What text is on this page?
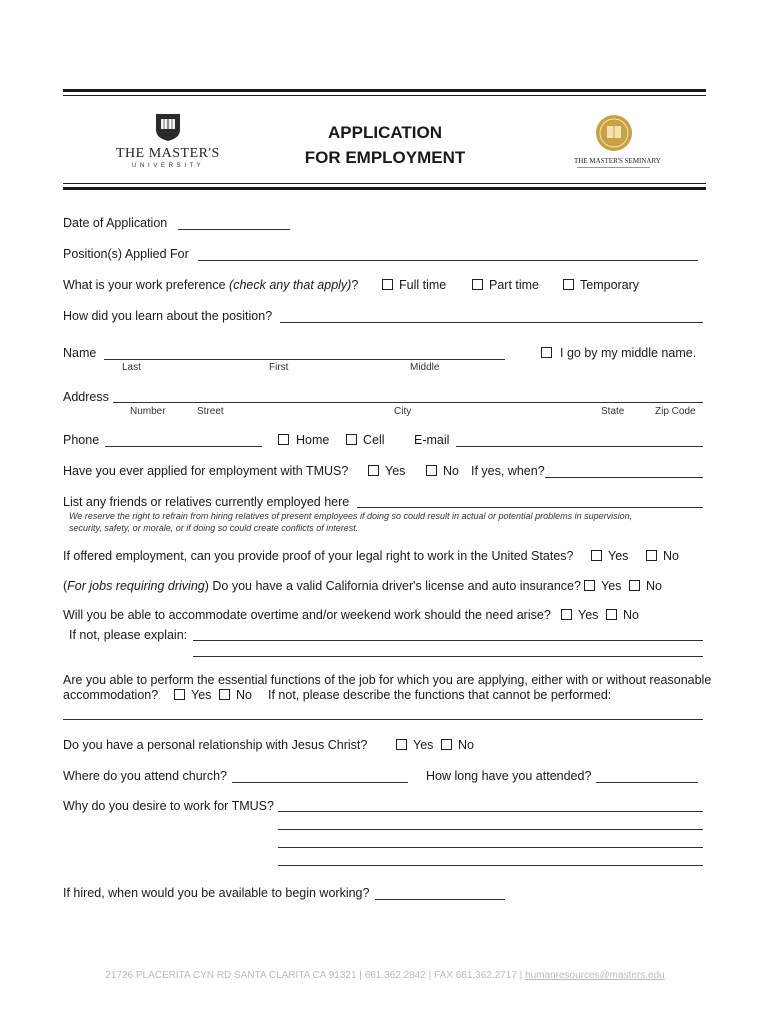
THE MASTER'S
U N I V E R S I T Y
APPLICATION
FOR EMPLOYMENT	THE MASTER'S SEMINARY
Date of Application
Position(s) Applied For
What is your work preference (check any that apply)?	Full time	Part time	Temporary
How did you learn about the position?
Name	I go by my middle name.
Last	First	Middle
Address
Number	Street	City	State	Zip Code
Phone	Home	Cell E-mail
Have you ever applied for employment with TMUS?	Yes	No If yes, when?
List any friends or relatives currently employed here
We reserve the right to refrain from hiring relatives of present employees if doing so could result in actual or potential problems in supervision,
security, safety, or morale, or if doing so could create conflicts of interest.
If offered employment, can you provide proof of your legal right to work in the United States?	Yes	No
(For jobs requiring driving) Do you have a valid California driver's license and auto insurance? Yes No
Will you be able to accommodate overtime and/or weekend work should the need arise? Yes No
If not, please explain:
Are you able to perform the essential functions of the job for which you are applying, either with or without reasonable
accommodation?	Yes No If not, please describe the functions that cannot be performed:
Do you have a personal relationship with Jesus Christ?	Yes No
Where do you attend church?	How long have you attended?
Why do you desire to work for TMUS?
If hired, when would you be available to begin working?
21726 PLACERITA CYN RD SANTA CLARITA CA 91321 | 661.362.2842 | FAX 661.362.2717 | humanresources@masters.edu
